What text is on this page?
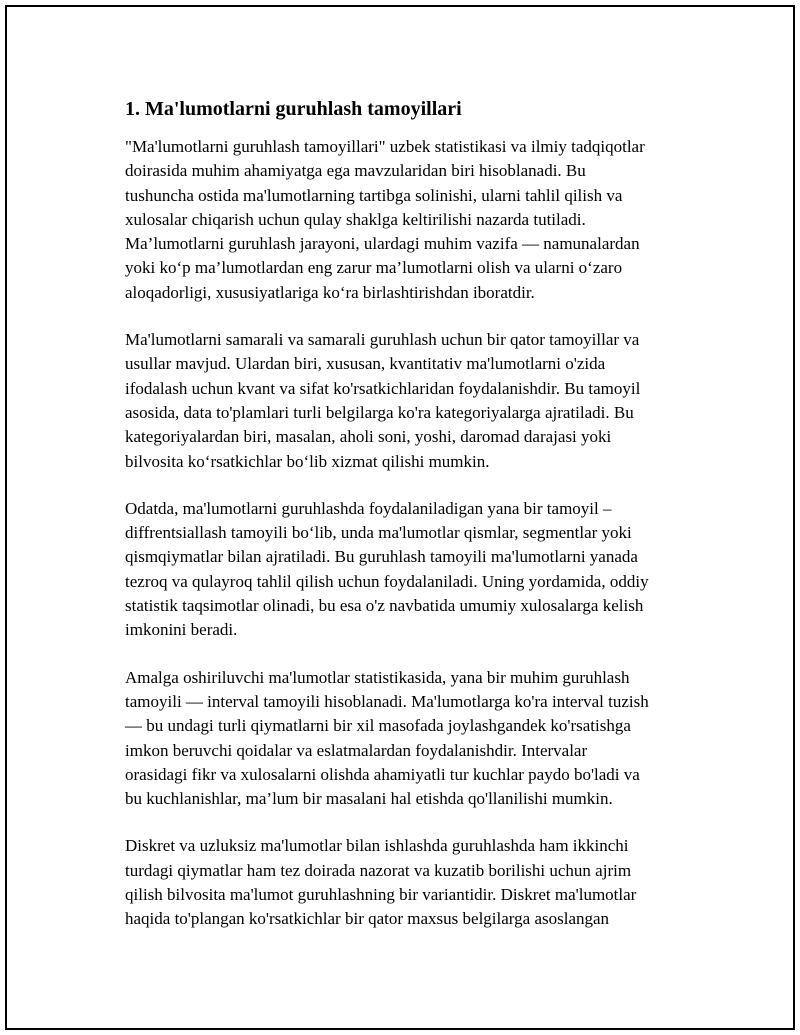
1. Ma'lumotlarni guruhlash tamoyillari

"Ma'lumotlarni guruhlash tamoyillari" uzbek statistikasi va ilmiy tadqiqotlar
doirasida muhim ahamiyatga ega mavzularidan biri hisoblanadi. Bu
tushuncha ostida ma'lumotlarning tartibga solinishi, ularni tahlil qilish va
xulosalar chiqarish uchun qulay shaklga keltirilishi nazarda tutiladi.
Ma’lumotlarni guruhlash jarayoni, ulardagi muhim vazifa — namunalardan
yoki ko‘p ma’lumotlardan eng zarur ma’lumotlarni olish va ularni o‘zaro
aloqadorligi, xususiyatlariga ko‘ra birlashtirishdan iboratdir.

Ma'lumotlarni samarali va samarali guruhlash uchun bir qator tamoyillar va
usullar mavjud. Ulardan biri, xususan, kvantitativ ma'lumotlarni o'zida
ifodalash uchun kvant va sifat ko'rsatkichlaridan foydalanishdir. Bu tamoyil
asosida, data to'plamlari turli belgilarga ko'ra kategoriyalarga ajratiladi. Bu
kategoriyalardan biri, masalan, aholi soni, yoshi, daromad darajasi yoki
bilvosita ko‘rsatkichlar bo‘lib xizmat qilishi mumkin.

Odatda, ma'lumotlarni guruhlashda foydalaniladigan yana bir tamoyil –
diffrentsiallash tamoyili bo‘lib, unda ma'lumotlar qismlar, segmentlar yoki
qismqiymatlar bilan ajratiladi. Bu guruhlash tamoyili ma'lumotlarni yanada
tezroq va qulayroq tahlil qilish uchun foydalaniladi. Uning yordamida, oddiy
statistik taqsimotlar olinadi, bu esa o'z navbatida umumiy xulosalarga kelish
imkonini beradi.

Amalga oshiriluvchi ma'lumotlar statistikasida, yana bir muhim guruhlash
tamoyili — interval tamoyili hisoblanadi. Ma'lumotlarga ko'ra interval tuzish
— bu undagi turli qiymatlarni bir xil masofada joylashgandek ko'rsatishga
imkon beruvchi qoidalar va eslatmalardan foydalanishdir. Intervalar
orasidagi fikr va xulosalarni olishda ahamiyatli tur kuchlar paydo bo'ladi va
bu kuchlanishlar, ma’lum bir masalani hal etishda qo'llanilishi mumkin.

Diskret va uzluksiz ma'lumotlar bilan ishlashda guruhlashda ham ikkinchi
turdagi qiymatlar ham tez doirada nazorat va kuzatib borilishi uchun ajrim
qilish bilvosita ma'lumot guruhlashning bir variantidir. Diskret ma'lumotlar
haqida to'plangan ko'rsatkichlar bir qator maxsus belgilarga asoslangan
